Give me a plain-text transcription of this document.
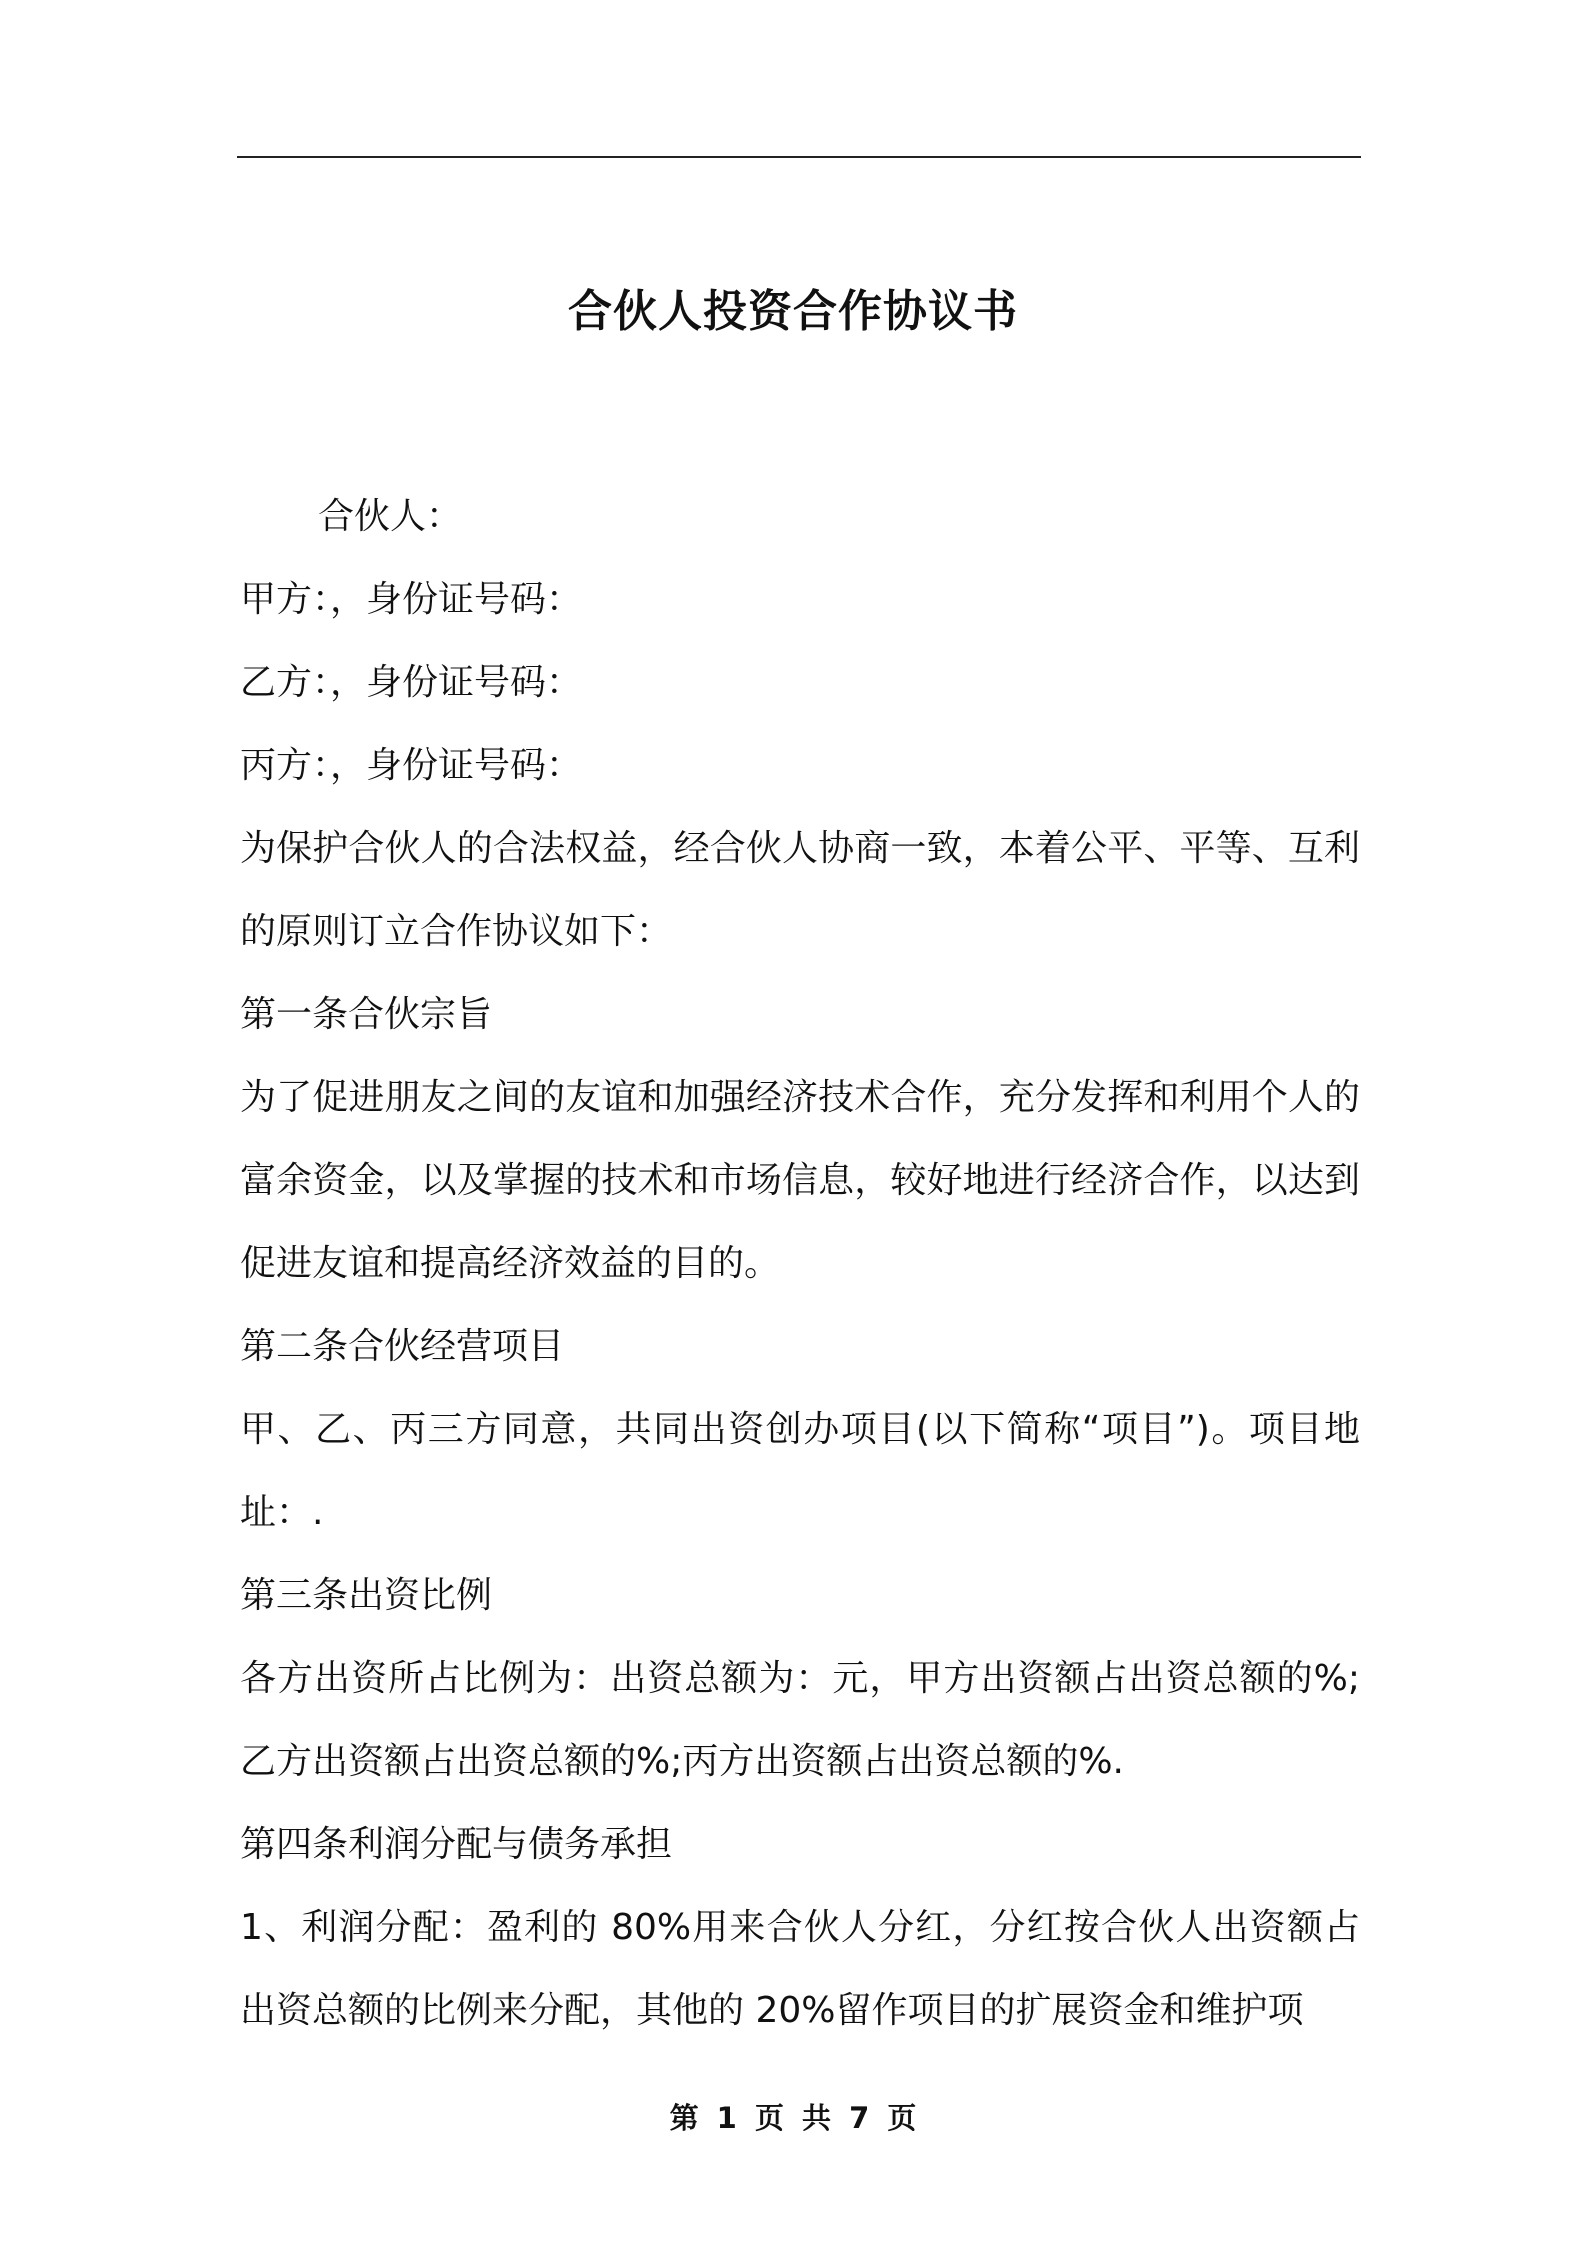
合伙人投资合作协议书

合伙人：

甲方：，身份证号码：

乙方：，身份证号码：

丙方：，身份证号码：

为保护合伙人的合法权益，经合伙人协商一致，本着公平、平等、互利的原则订立合作协议如下：

第一条合伙宗旨

为了促进朋友之间的友谊和加强经济技术合作，充分发挥和利用个人的富余资金，以及掌握的技术和市场信息，较好地进行经济合作，以达到促进友谊和提高经济效益的目的。

第二条合伙经营项目

甲、乙、丙三方同意，共同出资创办项目(以下简称“项目”)。项目地址：.

第三条出资比例

各方出资所占比例为：出资总额为：元，甲方出资额占出资总额的%;乙方出资额占出资总额的%;丙方出资额占出资总额的%.

第四条利润分配与债务承担

1、利润分配：盈利的 80%用来合伙人分红，分红按合伙人出资额占出资总额的比例来分配，其他的 20%留作项目的扩展资金和维护项

第 1 页 共 7 页
